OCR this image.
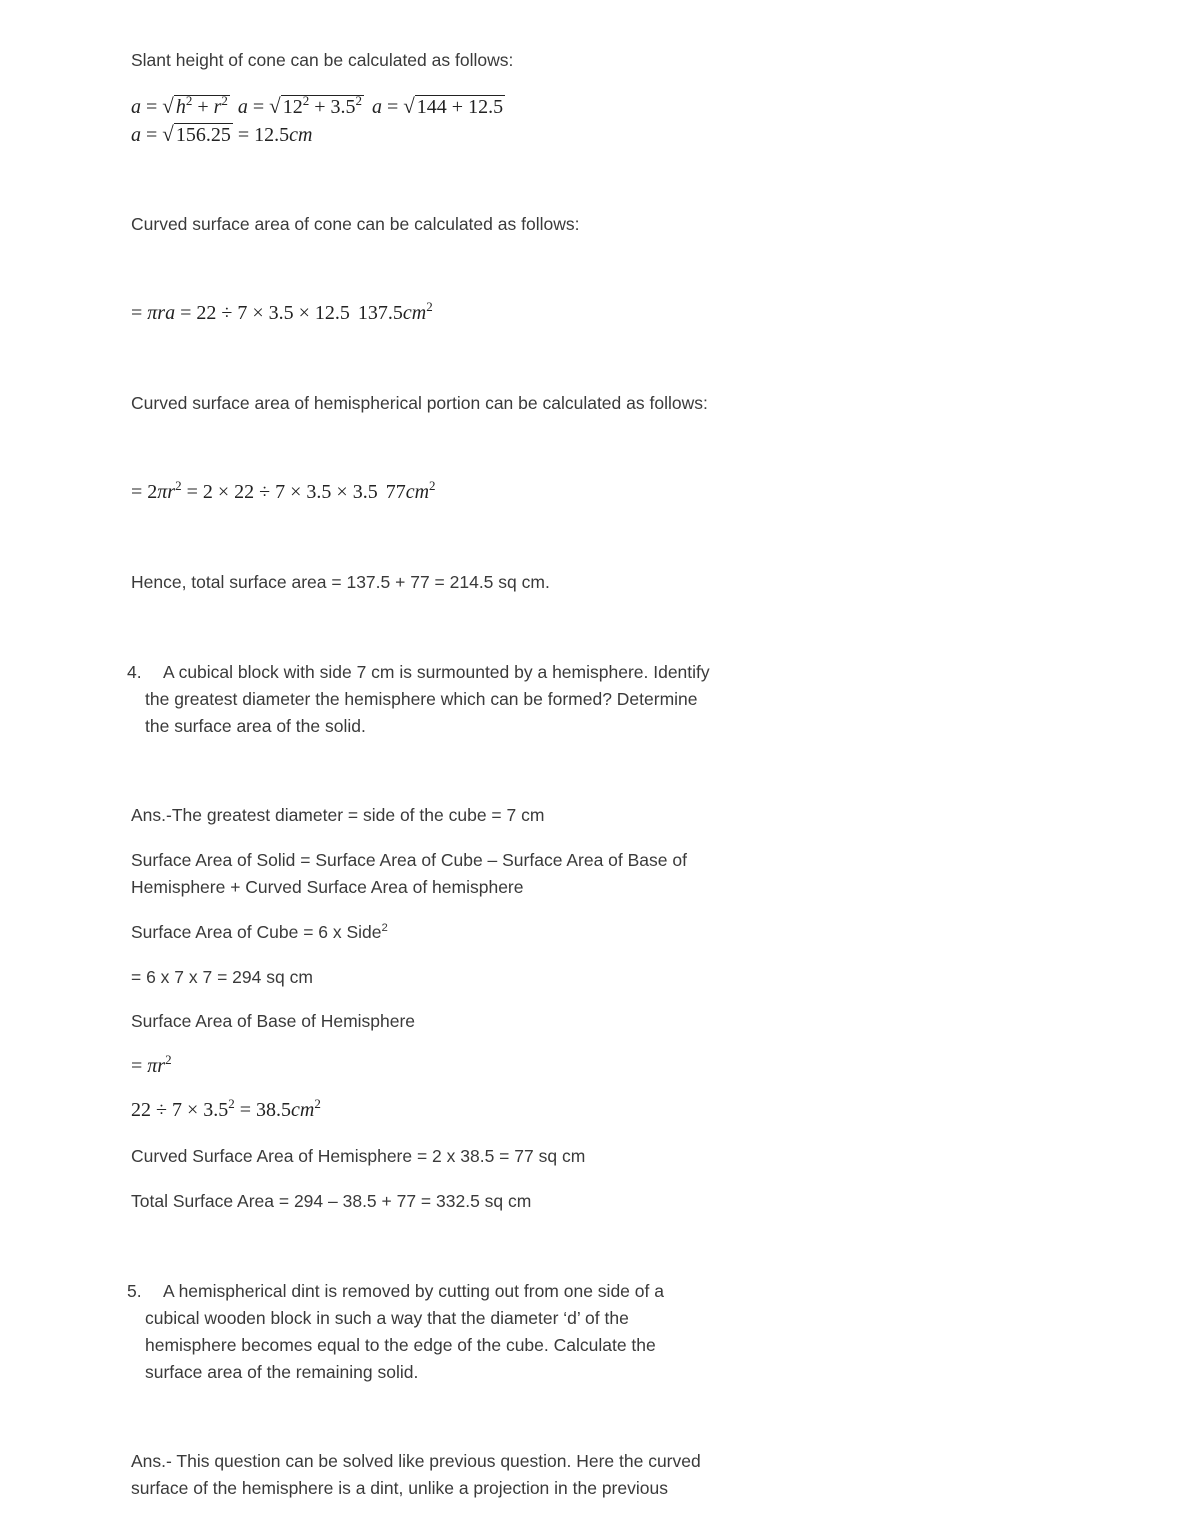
Slant height of cone can be calculated as follows:
a = √ $h^2 + r^2$ a = √ $12^2 + 3.5^2$ a = √ 144 + 12.5
a = √ 156.25 = 12.5cm
Curved surface area of cone can be calculated as follows:
= πra = 22 ÷ 7 × 3.5 × 12.5 $137.5cm^2$
Curved surface area of hemispherical portion can be calculated as follows:
= $2\pi r^2 = 2 \times 22 \div 7 \times 3.5 \times 3.5$ $77cm^2$
Hence, total surface area = 137.5 + 77 = 214.5 sq cm.
4. A cubical block with side 7 cm is surmounted by a hemisphere. Identify
the greatest diameter the hemisphere which can be formed? Determine
the surface area of the solid.
Ans.-The greatest diameter = side of the cube = 7 cm
Surface Area of Solid = Surface Area of Cube – Surface Area of Base of
Hemisphere + Curved Surface Area of hemisphere
Surface Area of Cube = 6 x Side$^2$
= 6 x 7 x 7 = 294 sq cm
Surface Area of Base of Hemisphere
= $\pi r^2$
$22 \div 7 \times 3.5^2 = 38.5cm^2$
Curved Surface Area of Hemisphere = 2 x 38.5 = 77 sq cm
Total Surface Area = 294 – 38.5 + 77 = 332.5 sq cm
5. A hemispherical dint is removed by cutting out from one side of a
cubical wooden block in such a way that the diameter ‘d’ of the
hemisphere becomes equal to the edge of the cube. Calculate the
surface area of the remaining solid.
Ans.- This question can be solved like previous question. Here the curved
surface of the hemisphere is a dint, unlike a projection in the previous
